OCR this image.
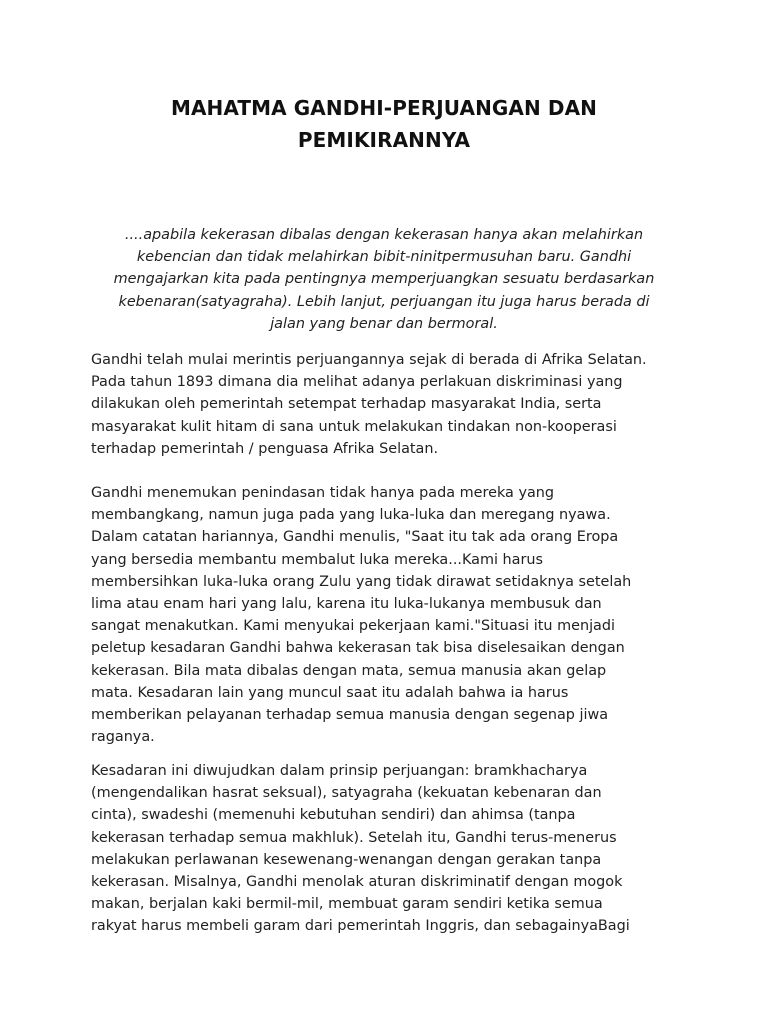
MAHATMA GANDHI-PERJUANGAN DAN
PEMIKIRANNYA
....apabila kekerasan dibalas dengan kekerasan hanya akan melahirkan
kebencian dan tidak melahirkan bibit-ninitpermusuhan baru. Gandhi
mengajarkan kita pada pentingnya memperjuangkan sesuatu berdasarkan
kebenaran(satyagraha). Lebih lanjut, perjuangan itu juga harus berada di
jalan yang benar dan bermoral.
Gandhi telah mulai merintis perjuangannya sejak di berada di Afrika Selatan.
Pada tahun 1893 dimana dia melihat adanya perlakuan diskriminasi yang
dilakukan oleh pemerintah setempat terhadap masyarakat India, serta
masyarakat kulit hitam di sana untuk melakukan tindakan non-kooperasi
terhadap pemerintah / penguasa Afrika Selatan.
Gandhi menemukan penindasan tidak hanya pada mereka yang
membangkang, namun juga pada yang luka-luka dan meregang nyawa.
Dalam catatan hariannya, Gandhi menulis, "Saat itu tak ada orang Eropa
yang bersedia membantu membalut luka mereka...Kami harus
membersihkan luka-luka orang Zulu yang tidak dirawat setidaknya setelah
lima atau enam hari yang lalu, karena itu luka-lukanya membusuk dan
sangat menakutkan. Kami menyukai pekerjaan kami."Situasi itu menjadi
peletup kesadaran Gandhi bahwa kekerasan tak bisa diselesaikan dengan
kekerasan. Bila mata dibalas dengan mata, semua manusia akan gelap
mata. Kesadaran lain yang muncul saat itu adalah bahwa ia harus
memberikan pelayanan terhadap semua manusia dengan segenap jiwa
raganya.
Kesadaran ini diwujudkan dalam prinsip perjuangan: bramkhacharya
(mengendalikan hasrat seksual), satyagraha (kekuatan kebenaran dan
cinta), swadeshi (memenuhi kebutuhan sendiri) dan ahimsa (tanpa
kekerasan terhadap semua makhluk). Setelah itu, Gandhi terus-menerus
melakukan perlawanan kesewenang-wenangan dengan gerakan tanpa
kekerasan. Misalnya, Gandhi menolak aturan diskriminatif dengan mogok
makan, berjalan kaki bermil-mil, membuat garam sendiri ketika semua
rakyat harus membeli garam dari pemerintah Inggris, dan sebagainyaBagi
